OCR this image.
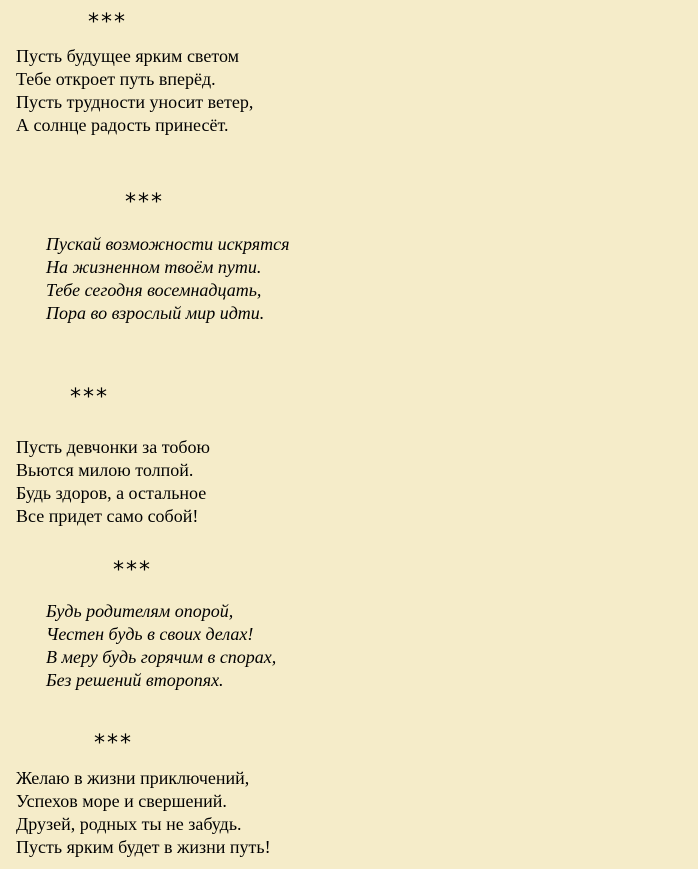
***
Пусть будущее ярким светом
Тебе откроет путь вперёд.
Пусть трудности уносит ветер,
А солнце радость принесёт.
***
Пускай возможности искрятся
На жизненном твоём пути.
Тебе сегодня восемнадцать,
Пора во взрослый мир идти.
***
Пусть девчонки за тобою
Вьются милою толпой.
Будь здоров, а остальное
Все придет само собой!
***
Будь родителям опорой,
Честен будь в своих делах!
В меру будь горячим в спорах,
Без решений второпях.
***
Желаю в жизни приключений,
Успехов море и свершений.
Друзей, родных ты не забудь.
Пусть ярким будет в жизни путь!
